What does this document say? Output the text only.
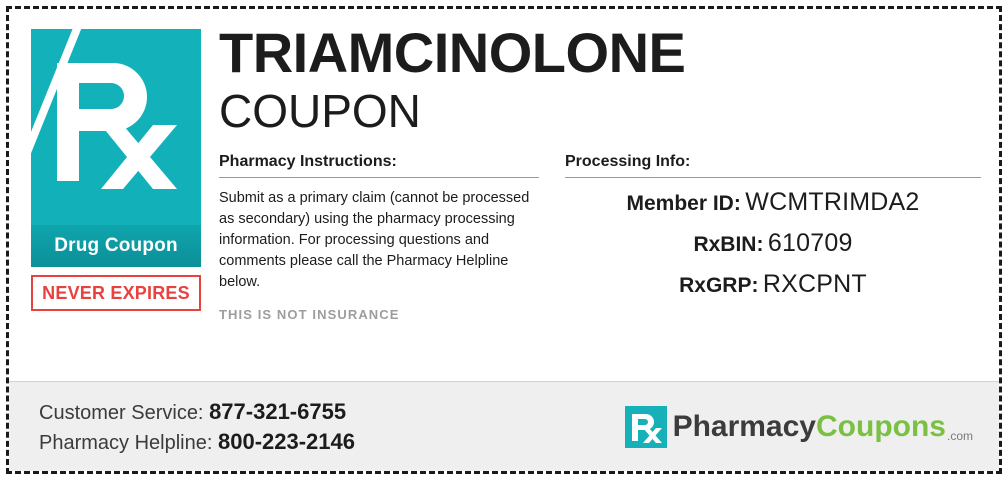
Drug Coupon
NEVER EXPIRES
TRIAMCINOLONE
COUPON
Pharmacy Instructions:
Submit as a primary claim (cannot be processed as secondary) using the pharmacy processing information. For processing questions and comments please call the Pharmacy Helpline below.
THIS IS NOT INSURANCE
Processing Info:
Member ID: WCMTRIMDA2
RxBIN: 610709
RxGRP: RXCPNT
Customer Service: 877-321-6755
Pharmacy Helpline: 800-223-2146	PharmacyCoupons .com
